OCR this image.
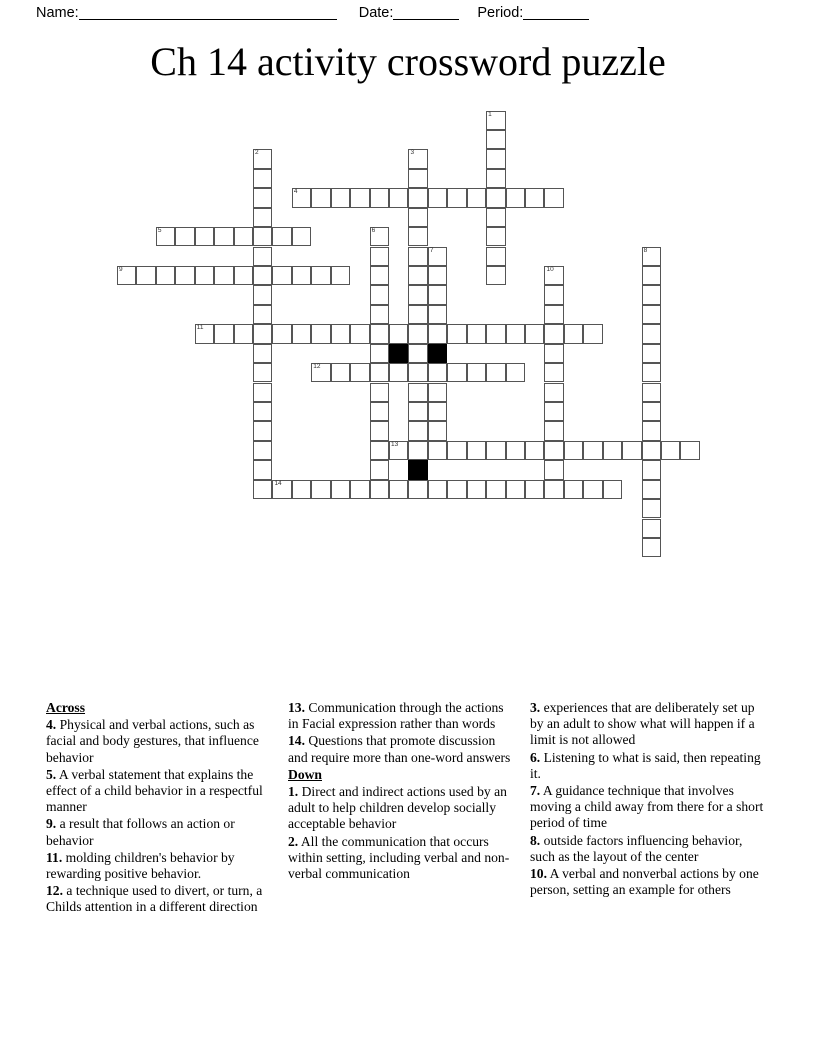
Name:	Date:	Period:
Ch 14 activity crossword puzzle
1
2	3
4
5	6
7	8
9	10
11
12
13
14
Across
4. Physical and verbal actions, such as facial and body gestures, that influence behavior
5. A verbal statement that explains the effect of a child behavior in a respectful manner
9. a result that follows an action or behavior
11. molding children's behavior by rewarding positive behavior.
12. a technique used to divert, or turn, a Childs attention in a different direction
13. Communication through the actions in Facial expression rather than words
14. Questions that promote discussion and require more than one-word answers
Down
1. Direct and indirect actions used by an adult to help children develop socially acceptable behavior
2. All the communication that occurs within setting, including verbal and non-verbal communication
3. experiences that are deliberately set up by an adult to show what will happen if a limit is not allowed
6. Listening to what is said, then repeating it.
7. A guidance technique that involves moving a child away from there for a short period of time
8. outside factors influencing behavior, such as the layout of the center
10. A verbal and nonverbal actions by one person, setting an example for others
